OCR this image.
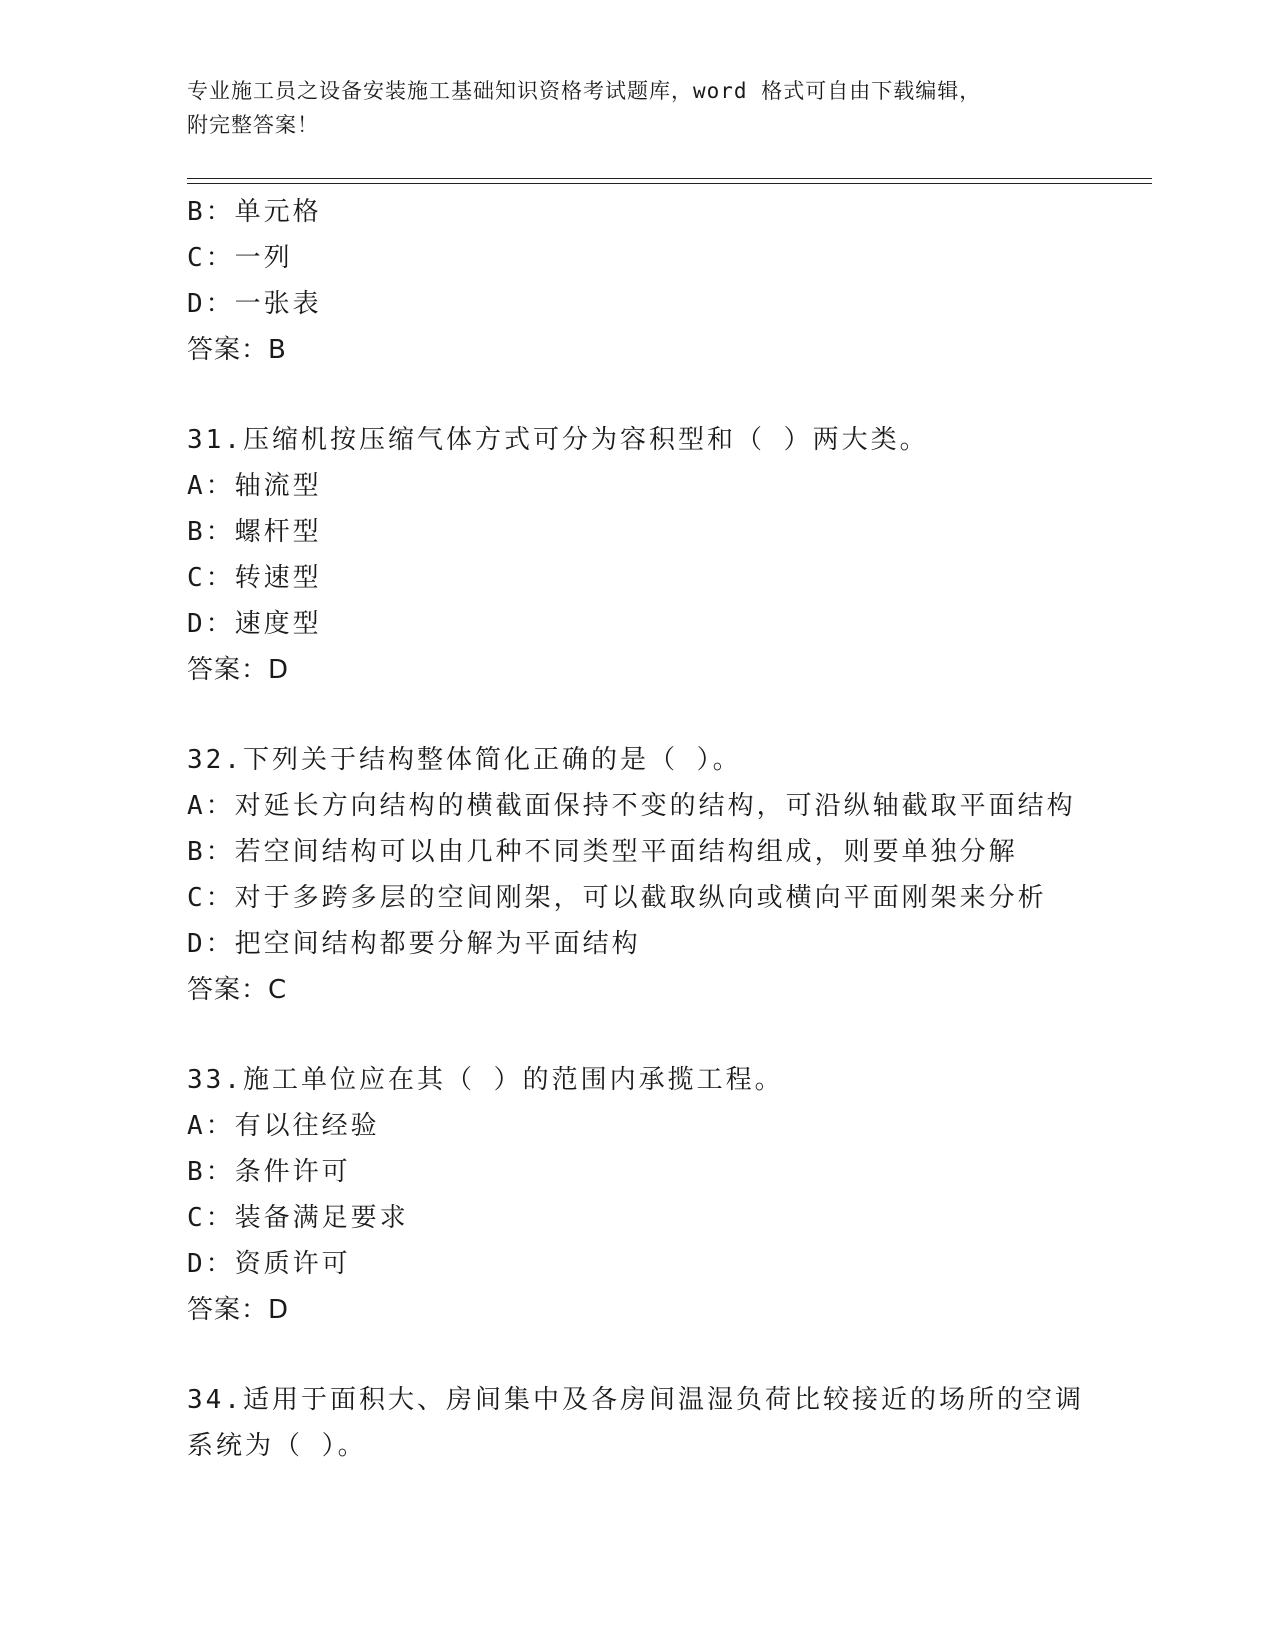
专业施工员之设备安装施工基础知识资格考试题库，word 格式可自由下载编辑，
附完整答案！

B：单元格

C：一列

D：一张表

答案：B

31.压缩机按压缩气体方式可分为容积型和（ ）两大类。

A：轴流型

B：螺杆型

C：转速型

D：速度型

答案：D

32.下列关于结构整体简化正确的是（ ）。

A：对延长方向结构的横截面保持不变的结构，可沿纵轴截取平面结构

B：若空间结构可以由几种不同类型平面结构组成，则要单独分解

C：对于多跨多层的空间刚架，可以截取纵向或横向平面刚架来分析

D：把空间结构都要分解为平面结构

答案：C

33.施工单位应在其（ ）的范围内承揽工程。

A：有以往经验

B：条件许可

C：装备满足要求

D：资质许可

答案：D

34.适用于面积大、房间集中及各房间温湿负荷比较接近的场所的空调

系统为（ ）。
